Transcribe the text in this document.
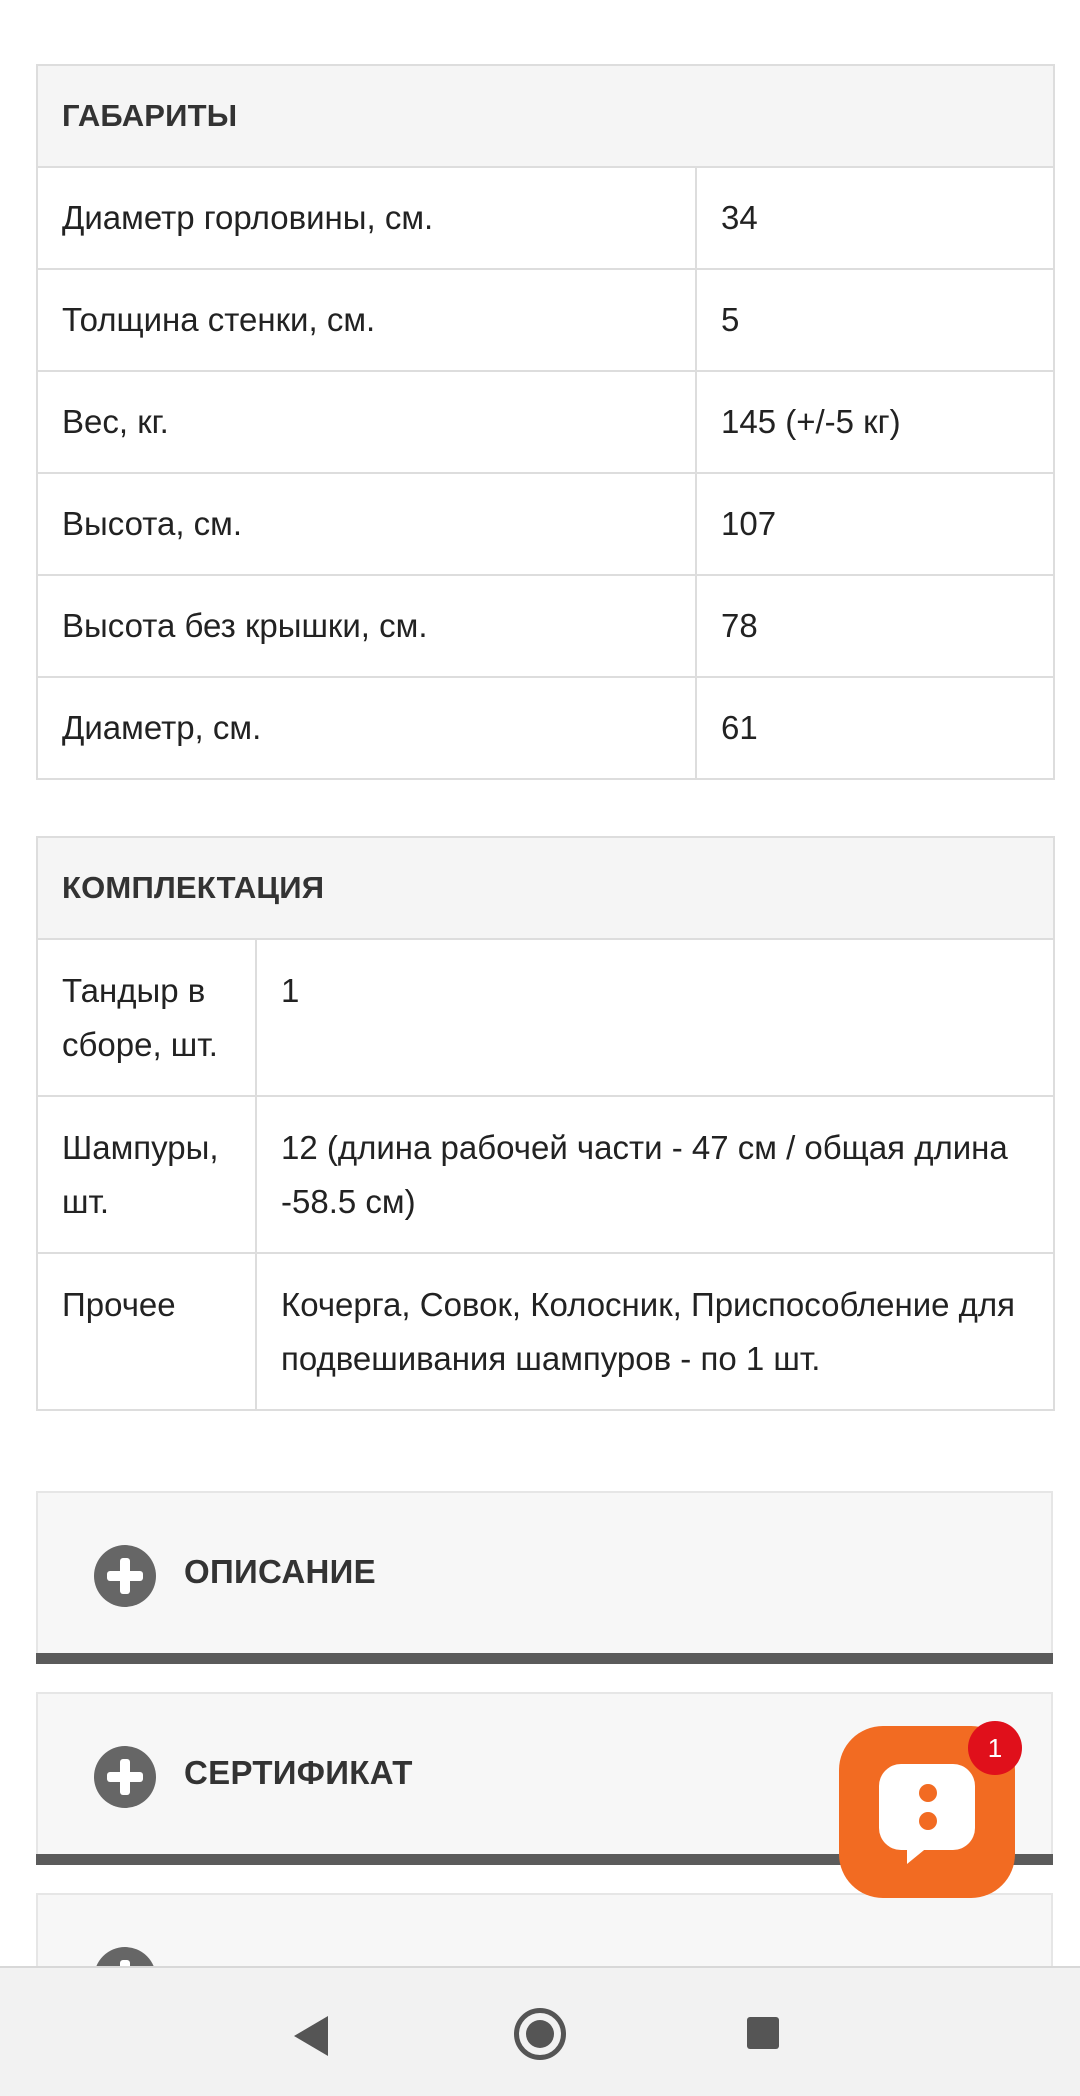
ГАБАРИТЫ	
Диаметр горловины, см.	34
Толщина стенки, см.	5
Вес, кг.	145 (+/-5 кг)
Высота, см.	107
Высота без крышки, см.	78
Диаметр, см.	61
КОМПЛЕКТАЦИЯ	
Тандыр в сборе, шт.	1
Шампуры, шт.	12 (длина рабочей части - 47 см / общая длина -58.5 см)
Прочее	Кочерга, Совок, Колосник, Приспособление для подвешивания шампуров - по 1 шт.
ОПИСАНИЕ
СЕРТИФИКАТ
1
